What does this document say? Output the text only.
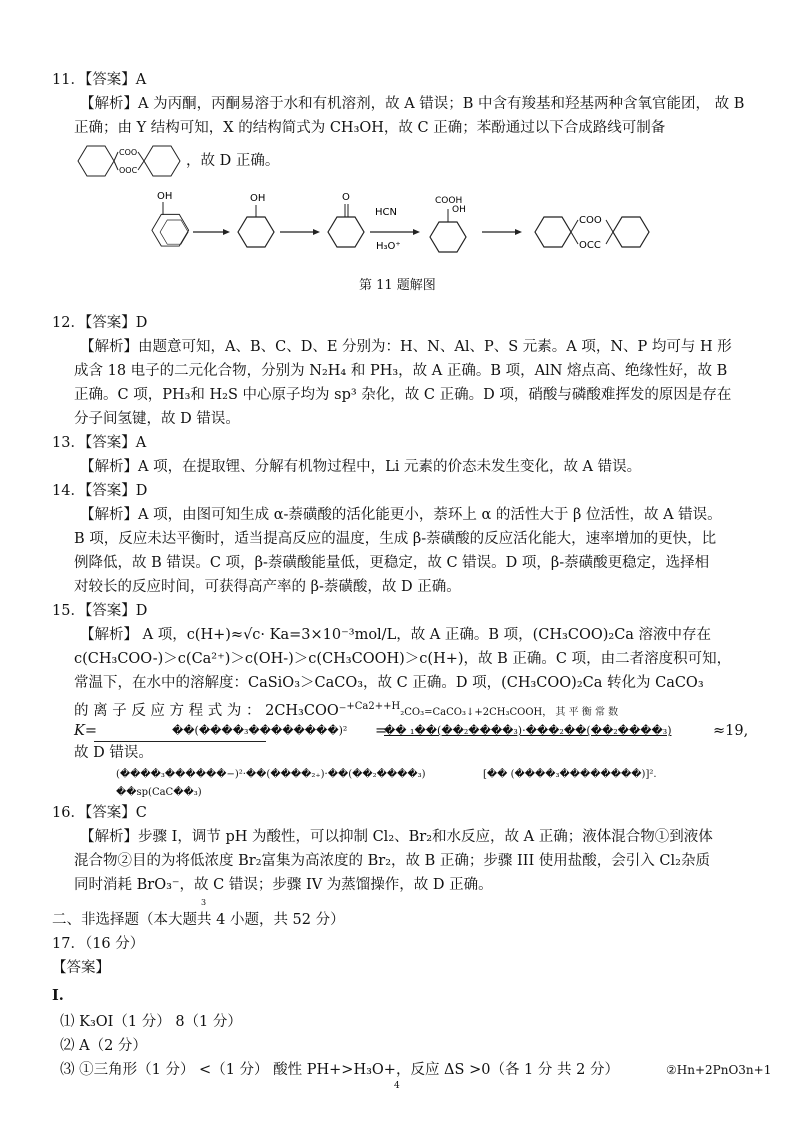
11．【答案】A
【解析】A 为丙酮，丙酮易溶于水和有机溶剂，故 A 错误；B 中含有羧基和羟基两种含氧官能团， 故 B
正确；由 Y 结构可知，X 的结构简式为 CH₃OH，故 C 正确；苯酚通过以下合成路线可制备
COO
OOC
，故 D 正确。
OH	OH	O
HCN
H₃O⁺
COOH
OH
COO
OCC
第 11 题解图
12．【答案】D
【解析】由题意可知，A、B、C、D、E 分别为：H、N、Al、P、S 元素。A 项，N、P 均可与 H 形
成含 18 电子的二元化合物，分别为 N₂H₄ 和 PH₃，故 A 正确。B 项，AlN 熔点高、绝缘性好，故 B
正确。C 项，PH₃和 H₂S 中心原子均为 sp³ 杂化，故 C 正确。D 项，硝酸与磷酸难挥发的原因是存在
分子间氢键，故 D 错误。
13．【答案】A
【解析】A 项，在提取锂、分解有机物过程中，Li 元素的价态未发生变化，故 A 错误。
14．【答案】D
【解析】A 项，由图可知生成 α-萘磺酸的活化能更小，萘环上 α 的活性大于 β 位活性，故 A 错误。
B 项，反应未达平衡时，适当提高反应的温度，生成 β-萘磺酸的反应活化能大，速率增加的更快，比
例降低，故 B 错误。C 项，β-萘磺酸能量低，更稳定，故 C 错误。D 项，β-萘磺酸更稳定，选择相
对较长的反应时间，可获得高产率的 β-萘磺酸，故 D 正确。
15．【答案】D
【解析】 A 项，c(H+)≈√c· Ka=3×10⁻³mol/L，故 A 正确。B 项，(CH₃COO)₂Ca 溶液中存在
c(CH₃COO-)＞c(Ca²⁺)＞c(OH-)＞c(CH₃COOH)＞c(H+)，故 B 正确。C 项，由二者溶度积可知，
常温下，在水中的溶解度：CaSiO₃＞CaCO₃，故 C 正确。D 项，(CH₃COO)₂Ca 转化为 CaCO₃
的 离 子 反 应 方 程 式 为 ： 2CH₃COO⁻$^{+Ca2++H}$₂CO₃=CaCO₃↓+2CH₃COOH， 其 平 衡 常 数
K=	��(����₃��������)² =
�� ₁��(��₂����₃)·���₂��(��₂����₃)	≈19,
故 D 错误。
(����₃������−)²·��(����₂₊)·��(��₂����₃)	[�� (����₃��������)]².
��sp(CaC��₃)
16．【答案】C
【解析】步骤 I，调节 pH 为酸性，可以抑制 Cl₂、Br₂和水反应，故 A 正确；液体混合物①到液体
混合物②目的为将低浓度 Br₂富集为高浓度的 Br₂，故 B 正确；步骤 III 使用盐酸，会引入 Cl₂杂质
同时消耗 BrO₃⁻，故 C 错误；步骤 IV 为蒸馏操作，故 D 正确。
3
二、非选择题（本大题共 4 小题，共 52 分）
17．（16 分）
【答案】
I.
⑴ K₃OI（1 分） 8（1 分）
⑵ A（2 分）
⑶ ①三角形（1 分） <（1 分） 酸性 PH+>H₃O+，反应 ΔS >0（各 1 分 共 2 分）	②Hn+2PnO3n+1
4
